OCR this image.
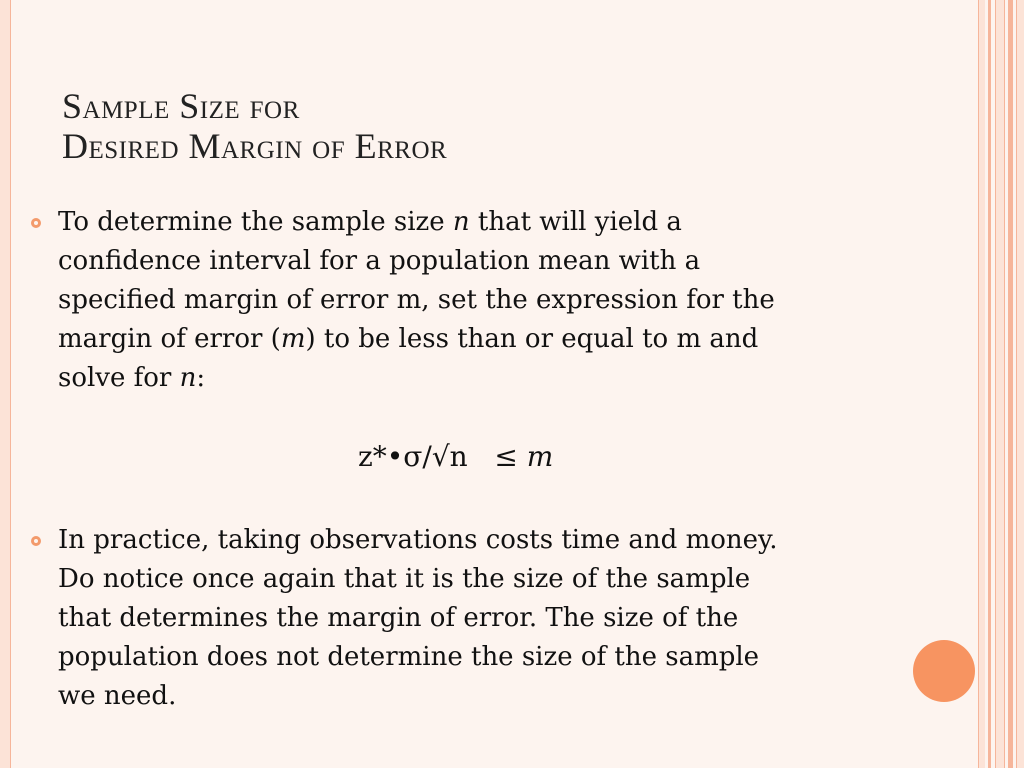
Sample Size for
Desired Margin of Error

To determine the sample size n that will yield a
confidence interval for a population mean with a
specified margin of error m, set the expression for the
margin of error (m) to be less than or equal to m and
solve for n:

z*•σ/√n ≤ m

In practice, taking observations costs time and money.
Do notice once again that it is the size of the sample
that determines the margin of error. The size of the
population does not determine the size of the sample
we need.
